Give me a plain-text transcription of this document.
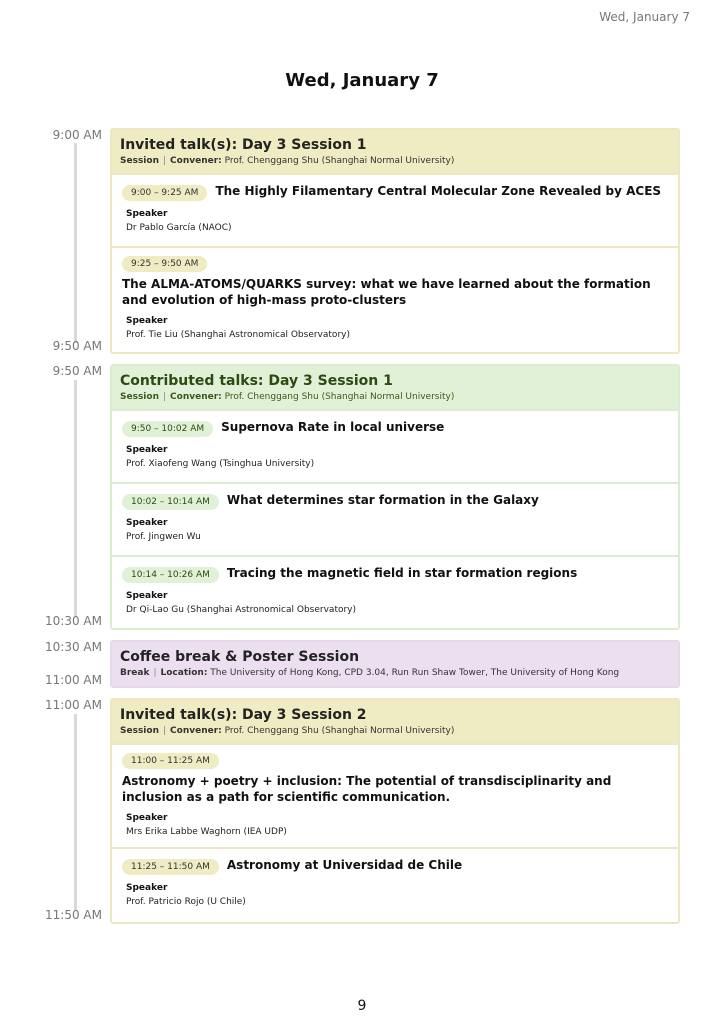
Wed, January 7
Wed, January 7
9:00 AM
9:50 AM
9:50 AM
10:30 AM
10:30 AM
11:00 AM
11:00 AM
11:50 AM
Invited talk(s): Day 3 Session 1
Session | Convener: Prof. Chenggang Shu (Shanghai Normal University)
9:00 – 9:25 AM	The Highly Filamentary Central Molecular Zone Revealed by ACES
Speaker
Dr Pablo García (NAOC)
9:25 – 9:50 AM
The ALMA-ATOMS/QUARKS survey: what we have learned about the formation and evolution of high-mass proto-clusters
Speaker
Prof. Tie Liu (Shanghai Astronomical Observatory)
Contributed talks: Day 3 Session 1
Session | Convener: Prof. Chenggang Shu (Shanghai Normal University)
9:50 – 10:02 AM	Supernova Rate in local universe
Speaker
Prof. Xiaofeng Wang (Tsinghua University)
10:02 – 10:14 AM	What determines star formation in the Galaxy
Speaker
Prof. Jingwen Wu
10:14 – 10:26 AM	Tracing the magnetic field in star formation regions
Speaker
Dr Qi-Lao Gu (Shanghai Astronomical Observatory)
Coffee break & Poster Session
Break | Location: The University of Hong Kong, CPD 3.04, Run Run Shaw Tower, The University of Hong Kong
Invited talk(s): Day 3 Session 2
Session | Convener: Prof. Chenggang Shu (Shanghai Normal University)
11:00 – 11:25 AM
Astronomy + poetry + inclusion: The potential of transdisciplinarity and inclusion as a path for scientific communication.
Speaker
Mrs Erika Labbe Waghorn (IEA UDP)
11:25 – 11:50 AM	Astronomy at Universidad de Chile
Speaker
Prof. Patricio Rojo (U Chile)
9
